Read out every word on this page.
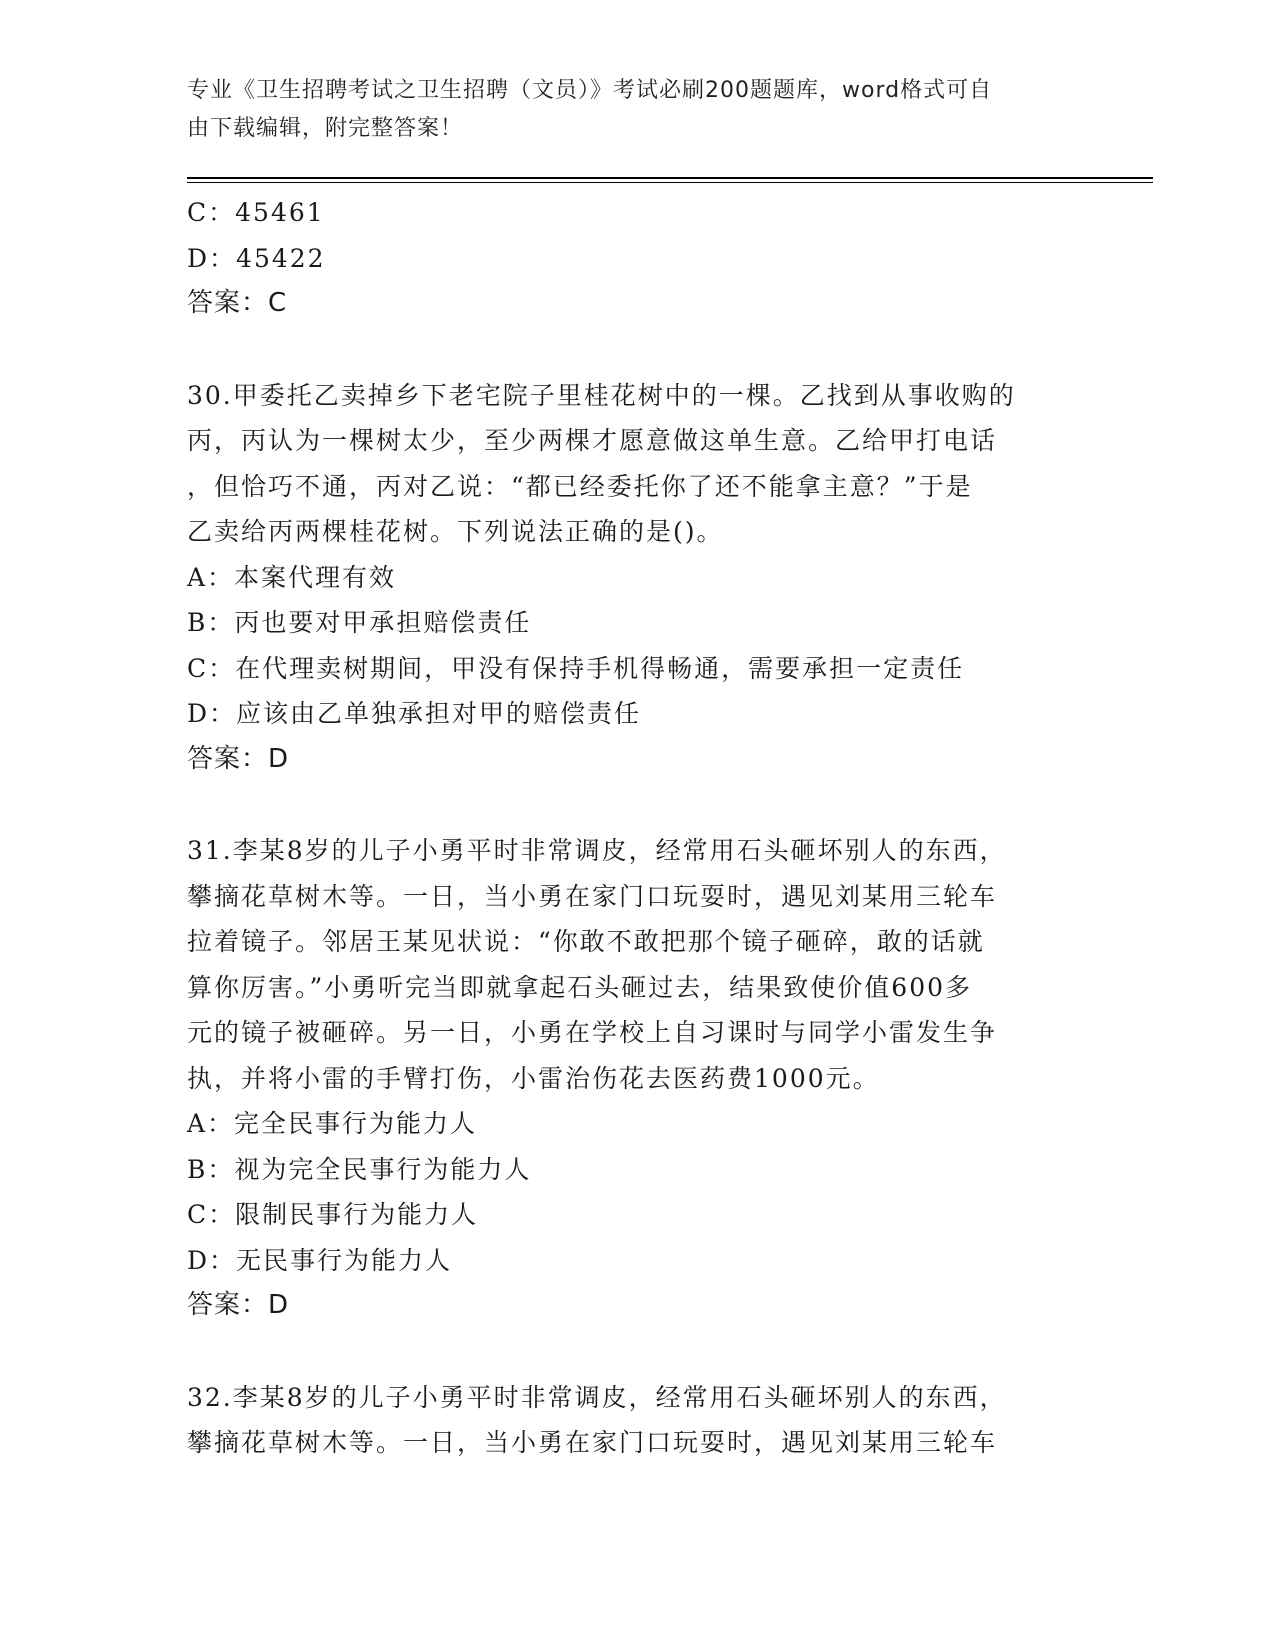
专业《卫生招聘考试之卫生招聘（文员）》考试必刷200题题库，word格式可自
由下载编辑，附完整答案！
C：45461
D：45422
答案：C
30.甲委托乙卖掉乡下老宅院子里桂花树中的一棵。乙找到从事收购的
丙，丙认为一棵树太少，至少两棵才愿意做这单生意。乙给甲打电话
，但恰巧不通，丙对乙说：“都已经委托你了还不能拿主意？”于是
乙卖给丙两棵桂花树。下列说法正确的是()。
A：本案代理有效
B：丙也要对甲承担赔偿责任
C：在代理卖树期间，甲没有保持手机得畅通，需要承担一定责任
D：应该由乙单独承担对甲的赔偿责任
答案：D
31.李某8岁的儿子小勇平时非常调皮，经常用石头砸坏别人的东西，
攀摘花草树木等。一日，当小勇在家门口玩耍时，遇见刘某用三轮车
拉着镜子。邻居王某见状说：“你敢不敢把那个镜子砸碎，敢的话就
算你厉害。”小勇听完当即就拿起石头砸过去，结果致使价值600多
元的镜子被砸碎。另一日，小勇在学校上自习课时与同学小雷发生争
执，并将小雷的手臂打伤，小雷治伤花去医药费1000元。
A：完全民事行为能力人
B：视为完全民事行为能力人
C：限制民事行为能力人
D：无民事行为能力人
答案：D
32.李某8岁的儿子小勇平时非常调皮，经常用石头砸坏别人的东西，
攀摘花草树木等。一日，当小勇在家门口玩耍时，遇见刘某用三轮车
